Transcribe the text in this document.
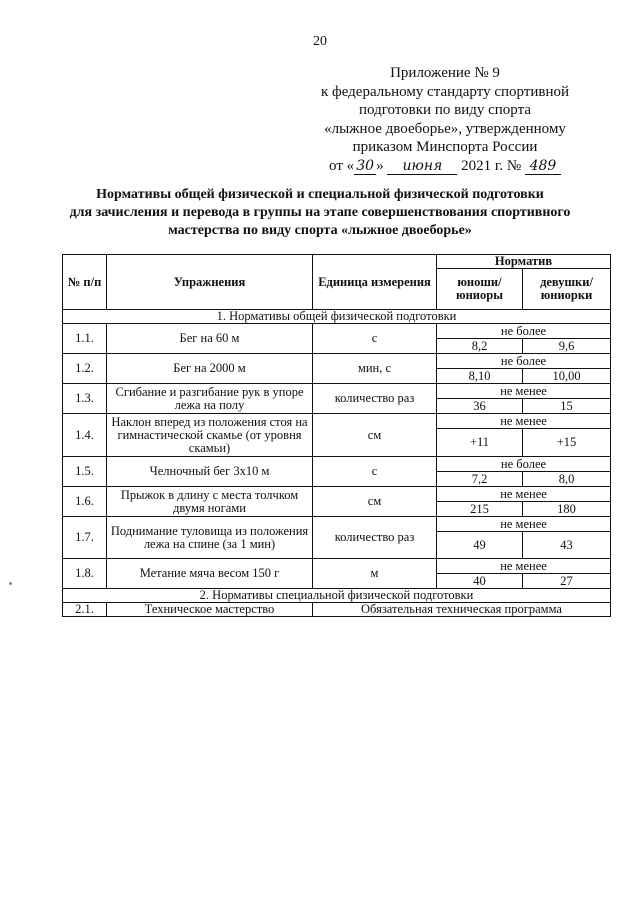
20
Приложение № 9
к федеральному стандарту спортивной
подготовки по виду спорта
«лыжное двоеборье», утвержденному
приказом Минспорта России
от « 30 » июня 2021 г. № 489
Нормативы общей физической и специальной физической подготовки
для зачисления и перевода в группы на этапе совершенствования спортивного
мастерства по виду спорта «лыжное двоеборье»
№ п/п	Упражнения	Единица измерения	Норматив	
			юноши/ юниоры	девушки/ юниорки
1. Нормативы общей физической подготовки				
1.1.	Бег на 60 м	с	не более	
			8,2	9,6
1.2.	Бег на 2000 м	мин, с	не более	
			8,10	10,00
1.3.	Сгибание и разгибание рук в упоре лежа на полу	количество раз	не менее	
			36	15
1.4.	Наклон вперед из положения стоя на гимнастической скамье (от уровня скамьи)	см	не менее	
			+11	+15
1.5.	Челночный бег 3х10 м	с	не более	
			7,2	8,0
1.6.	Прыжок в длину с места толчком двумя ногами	см	не менее	
			215	180
1.7.	Поднимание туловища из положения лежа на спине (за 1 мин)	количество раз	не менее	
			49	43
1.8.	Метание мяча весом 150 г	м	не менее	
			40	27
2. Нормативы специальной физической подготовки				
2.1.	Техническое мастерство	Обязательная техническая программа		
